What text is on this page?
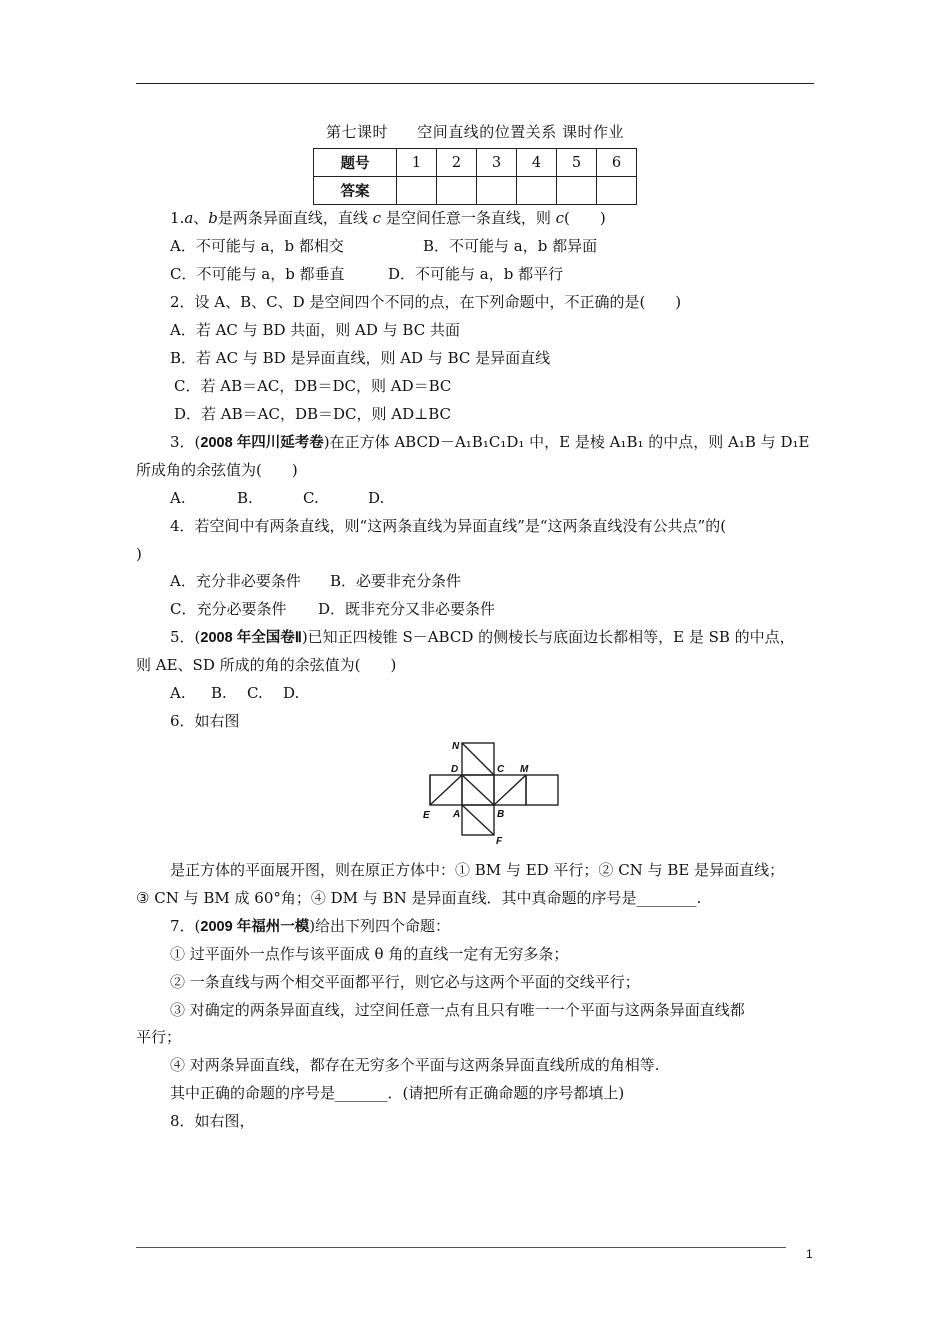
第七课时 空间直线的位置关系 课时作业
题号	1	2	3	4	5	6
答案						
1.a、b是两条异面直线，直线 c 是空间任意一条直线，则 c(　　)
A．不可能与 a，b 都相交	B．不可能与 a，b 都异面
C．不可能与 a，b 都垂直	D．不可能与 a，b 都平行
2．设 A、B、C、D 是空间四个不同的点，在下列命题中，不正确的是(　　)
A．若 AC 与 BD 共面，则 AD 与 BC 共面
B．若 AC 与 BD 是异面直线，则 AD 与 BC 是异面直线
C．若 AB＝AC，DB＝DC，则 AD＝BC
D．若 AB＝AC，DB＝DC，则 AD⊥BC
3．(2008 年四川延考卷)在正方体 ABCD－A₁B₁C₁D₁ 中，E 是棱 A₁B₁ 的中点，则 A₁B 与 D₁E
所成角的余弦值为(　　)
A.	B.	C.	D.
4．若空间中有两条直线，则“这两条直线为异面直线”是“这两条直线没有公共点”的(
)
A．充分非必要条件 B．必要非充分条件
C．充分必要条件 D．既非充分又非必要条件
5．(2008 年全国卷Ⅱ)已知正四棱锥 S－ABCD 的侧棱长与底面边长都相等，E 是 SB 的中点，
则 AE、SD 所成的角的余弦值为(　　)
A. B. C. D.
6．如右图
N
D	C M
E A	B
F
是正方体的平面展开图，则在原正方体中：① BM 与 ED 平行；② CN 与 BE 是异面直线；
③ CN 与 BM 成 60°角；④ DM 与 BN 是异面直线．其中真命题的序号是________.
7．(2009 年福州一模)给出下列四个命题：
① 过平面外一点作与该平面成 θ 角的直线一定有无穷多条；
② 一条直线与两个相交平面都平行，则它必与这两个平面的交线平行；
③ 对确定的两条异面直线，过空间任意一点有且只有唯一一个平面与这两条异面直线都
平行；
④ 对两条异面直线，都存在无穷多个平面与这两条异面直线所成的角相等.
其中正确的命题的序号是_______．(请把所有正确命题的序号都填上)
8．如右图，
1
